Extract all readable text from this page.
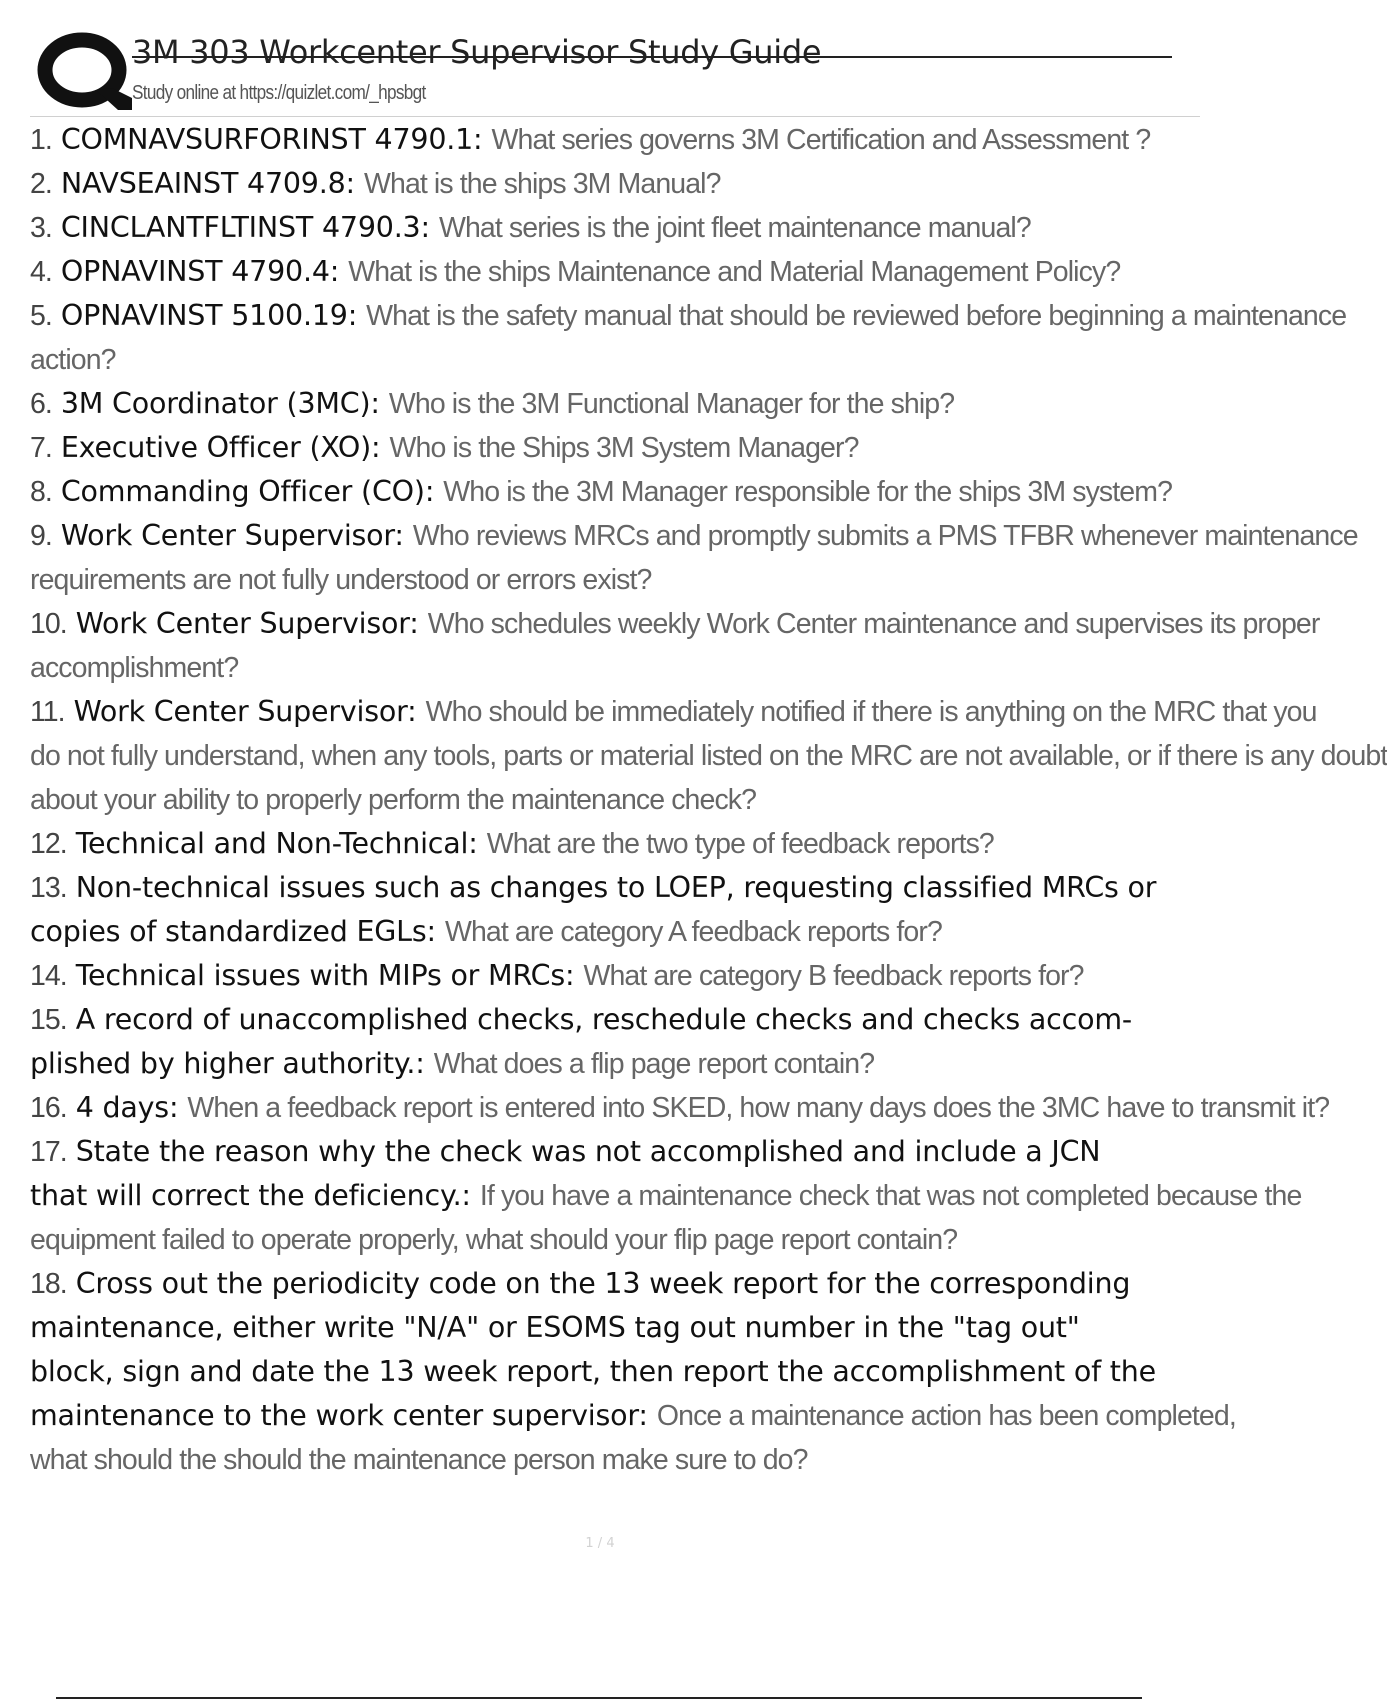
3M 303 Workcenter Supervisor Study Guide
Study online at https://quizlet.com/_hpsbgt
1. COMNAVSURFORINST 4790.1: What series governs 3M Certification and Assessment ?
2. NAVSEAINST 4709.8: What is the ships 3M Manual?
3. CINCLANTFLTINST 4790.3: What series is the joint fleet maintenance manual?
4. OPNAVINST 4790.4: What is the ships Maintenance and Material Management Policy?
5. OPNAVINST 5100.19: What is the safety manual that should be reviewed before beginning a maintenance
action?
6. 3M Coordinator (3MC): Who is the 3M Functional Manager for the ship?
7. Executive Officer (XO): Who is the Ships 3M System Manager?
8. Commanding Officer (CO): Who is the 3M Manager responsible for the ships 3M system?
9. Work Center Supervisor: Who reviews MRCs and promptly submits a PMS TFBR whenever maintenance
requirements are not fully understood or errors exist?
10. Work Center Supervisor: Who schedules weekly Work Center maintenance and supervises its proper
accomplishment?
11. Work Center Supervisor: Who should be immediately notified if there is anything on the MRC that you
do not fully understand, when any tools, parts or material listed on the MRC are not available, or if there is any doubt
about your ability to properly perform the maintenance check?
12. Technical and Non-Technical: What are the two type of feedback reports?
13. Non-technical issues such as changes to LOEP, requesting classified MRCs or
copies of standardized EGLs: What are category A feedback reports for?
14. Technical issues with MIPs or MRCs: What are category B feedback reports for?
15. A record of unaccomplished checks, reschedule checks and checks accom-
plished by higher authority.: What does a flip page report contain?
16. 4 days: When a feedback report is entered into SKED, how many days does the 3MC have to transmit it?
17. State the reason why the check was not accomplished and include a JCN
that will correct the deficiency.: If you have a maintenance check that was not completed because the
equipment failed to operate properly, what should your flip page report contain?
18. Cross out the periodicity code on the 13 week report for the corresponding
maintenance, either write "N/A" or ESOMS tag out number in the "tag out"
block, sign and date the 13 week report, then report the accomplishment of the
maintenance to the work center supervisor: Once a maintenance action has been completed,
what should the should the maintenance person make sure to do?
1 / 4
